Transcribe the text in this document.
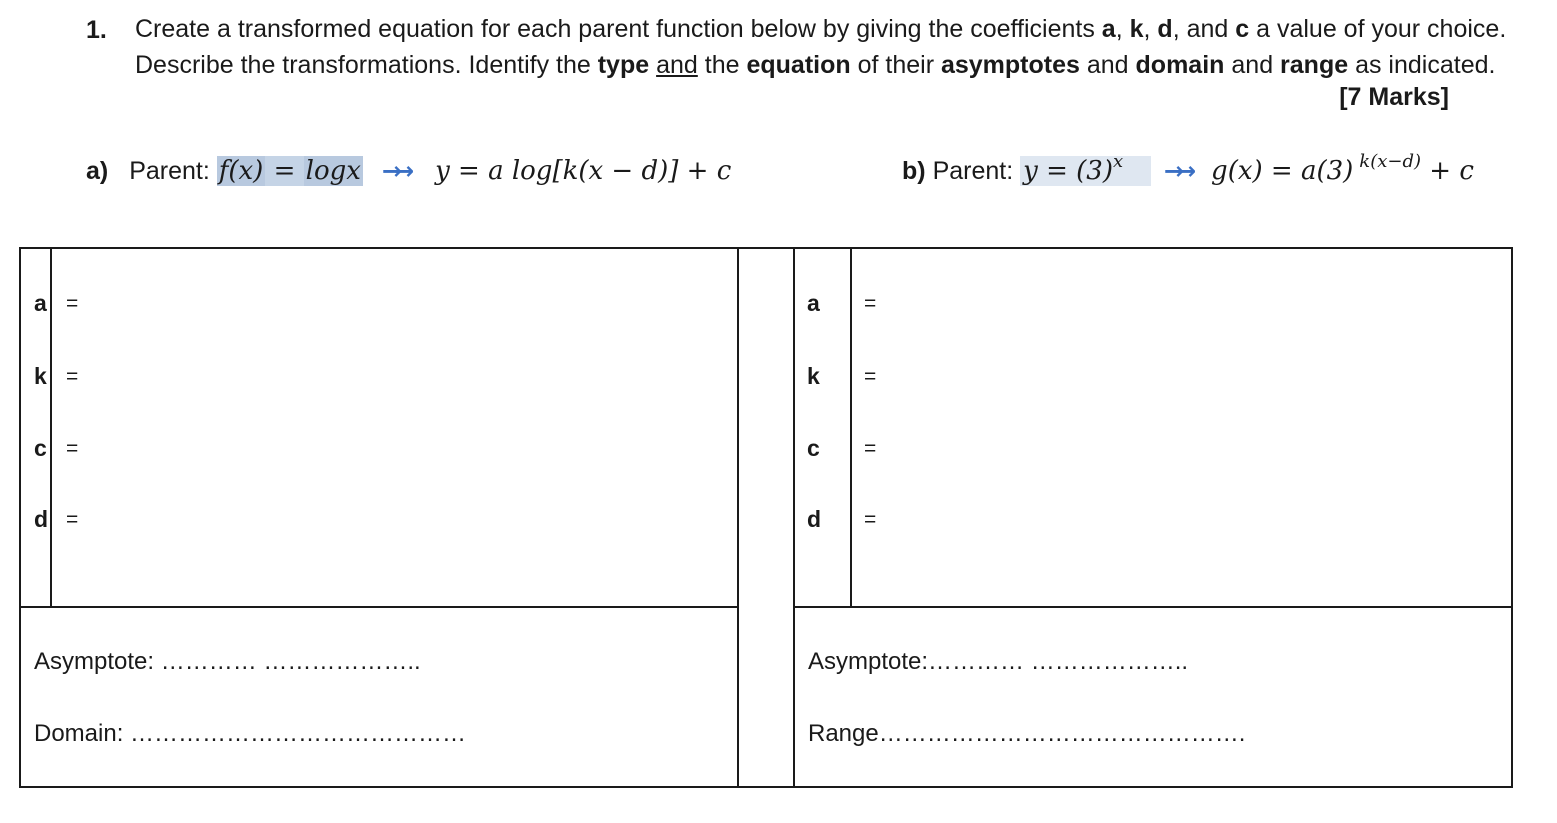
1. Create a transformed equation for each parent function below by giving the coefficients a, k, d, and c a value of your choice. Describe the transformations. Identify the type and the equation of their asymptotes and domain and range as indicated.
[7 Marks]
a) Parent: f(x) = logx →→ y = a log[k(x − d)] + c	b) Parent: $y = (3)^x \to\to g(x) = a(3) ^{k(x-d)} + c$
a =
k =
c =
d =
a =
k =
c =
d =
Asymptote: ………… ………………..
Domain: ……………………………………
Asymptote:………… ………………..
Range……………………………………….
